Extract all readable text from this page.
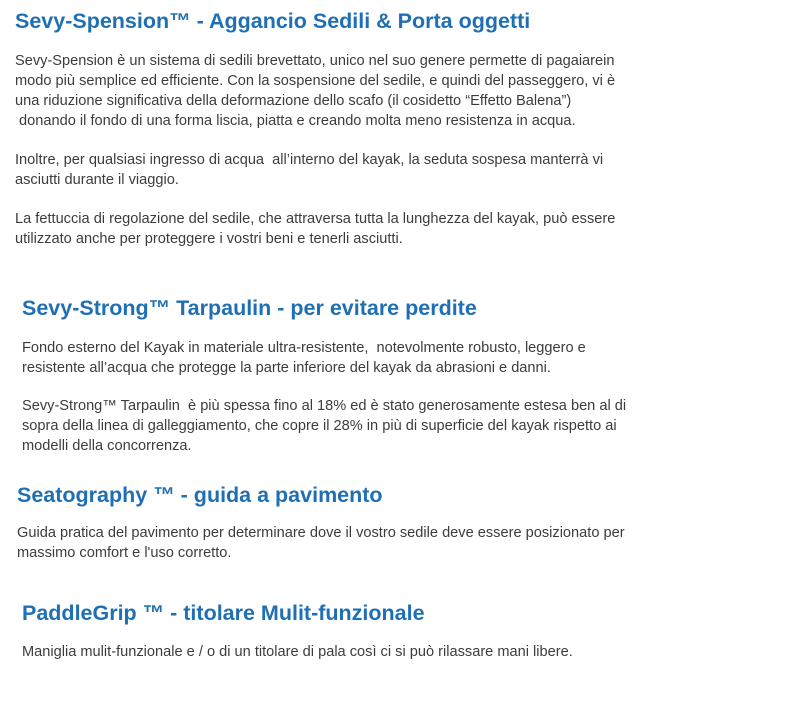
Sevy-Spension™ - Aggancio Sedili & Porta oggetti

Sevy-Spension è un sistema di sedili brevettato, unico nel suo genere permette di pagaiarein
modo più semplice ed efficiente. Con la sospensione del sedile, e quindi del passeggero, vi è
una riduzione significativa della deformazione dello scafo (il cosidetto “Effetto Balena”)
donando il fondo di una forma liscia, piatta e creando molta meno resistenza in acqua.

Inoltre, per qualsiasi ingresso di acqua  all’interno del kayak, la seduta sospesa manterrà vi
asciutti durante il viaggio.

La fettuccia di regolazione del sedile, che attraversa tutta la lunghezza del kayak, può essere
utilizzato anche per proteggere i vostri beni e tenerli asciutti.

Sevy-Strong™ Tarpaulin - per evitare perdite

Fondo esterno del Kayak in materiale ultra-resistente,  notevolmente robusto, leggero e
resistente all’acqua che protegge la parte inferiore del kayak da abrasioni e danni.

Sevy-Strong™ Tarpaulin  è più spessa fino al 18% ed è stato generosamente estesa ben al di
sopra della linea di galleggiamento, che copre il 28% in più di superficie del kayak rispetto ai
modelli della concorrenza.

Seatography ™ - guida a pavimento

Guida pratica del pavimento per determinare dove il vostro sedile deve essere posizionato per
massimo comfort e l'uso corretto.

PaddleGrip ™ - titolare Mulit-funzionale

Maniglia mulit-funzionale e / o di un titolare di pala così ci si può rilassare mani libere.
